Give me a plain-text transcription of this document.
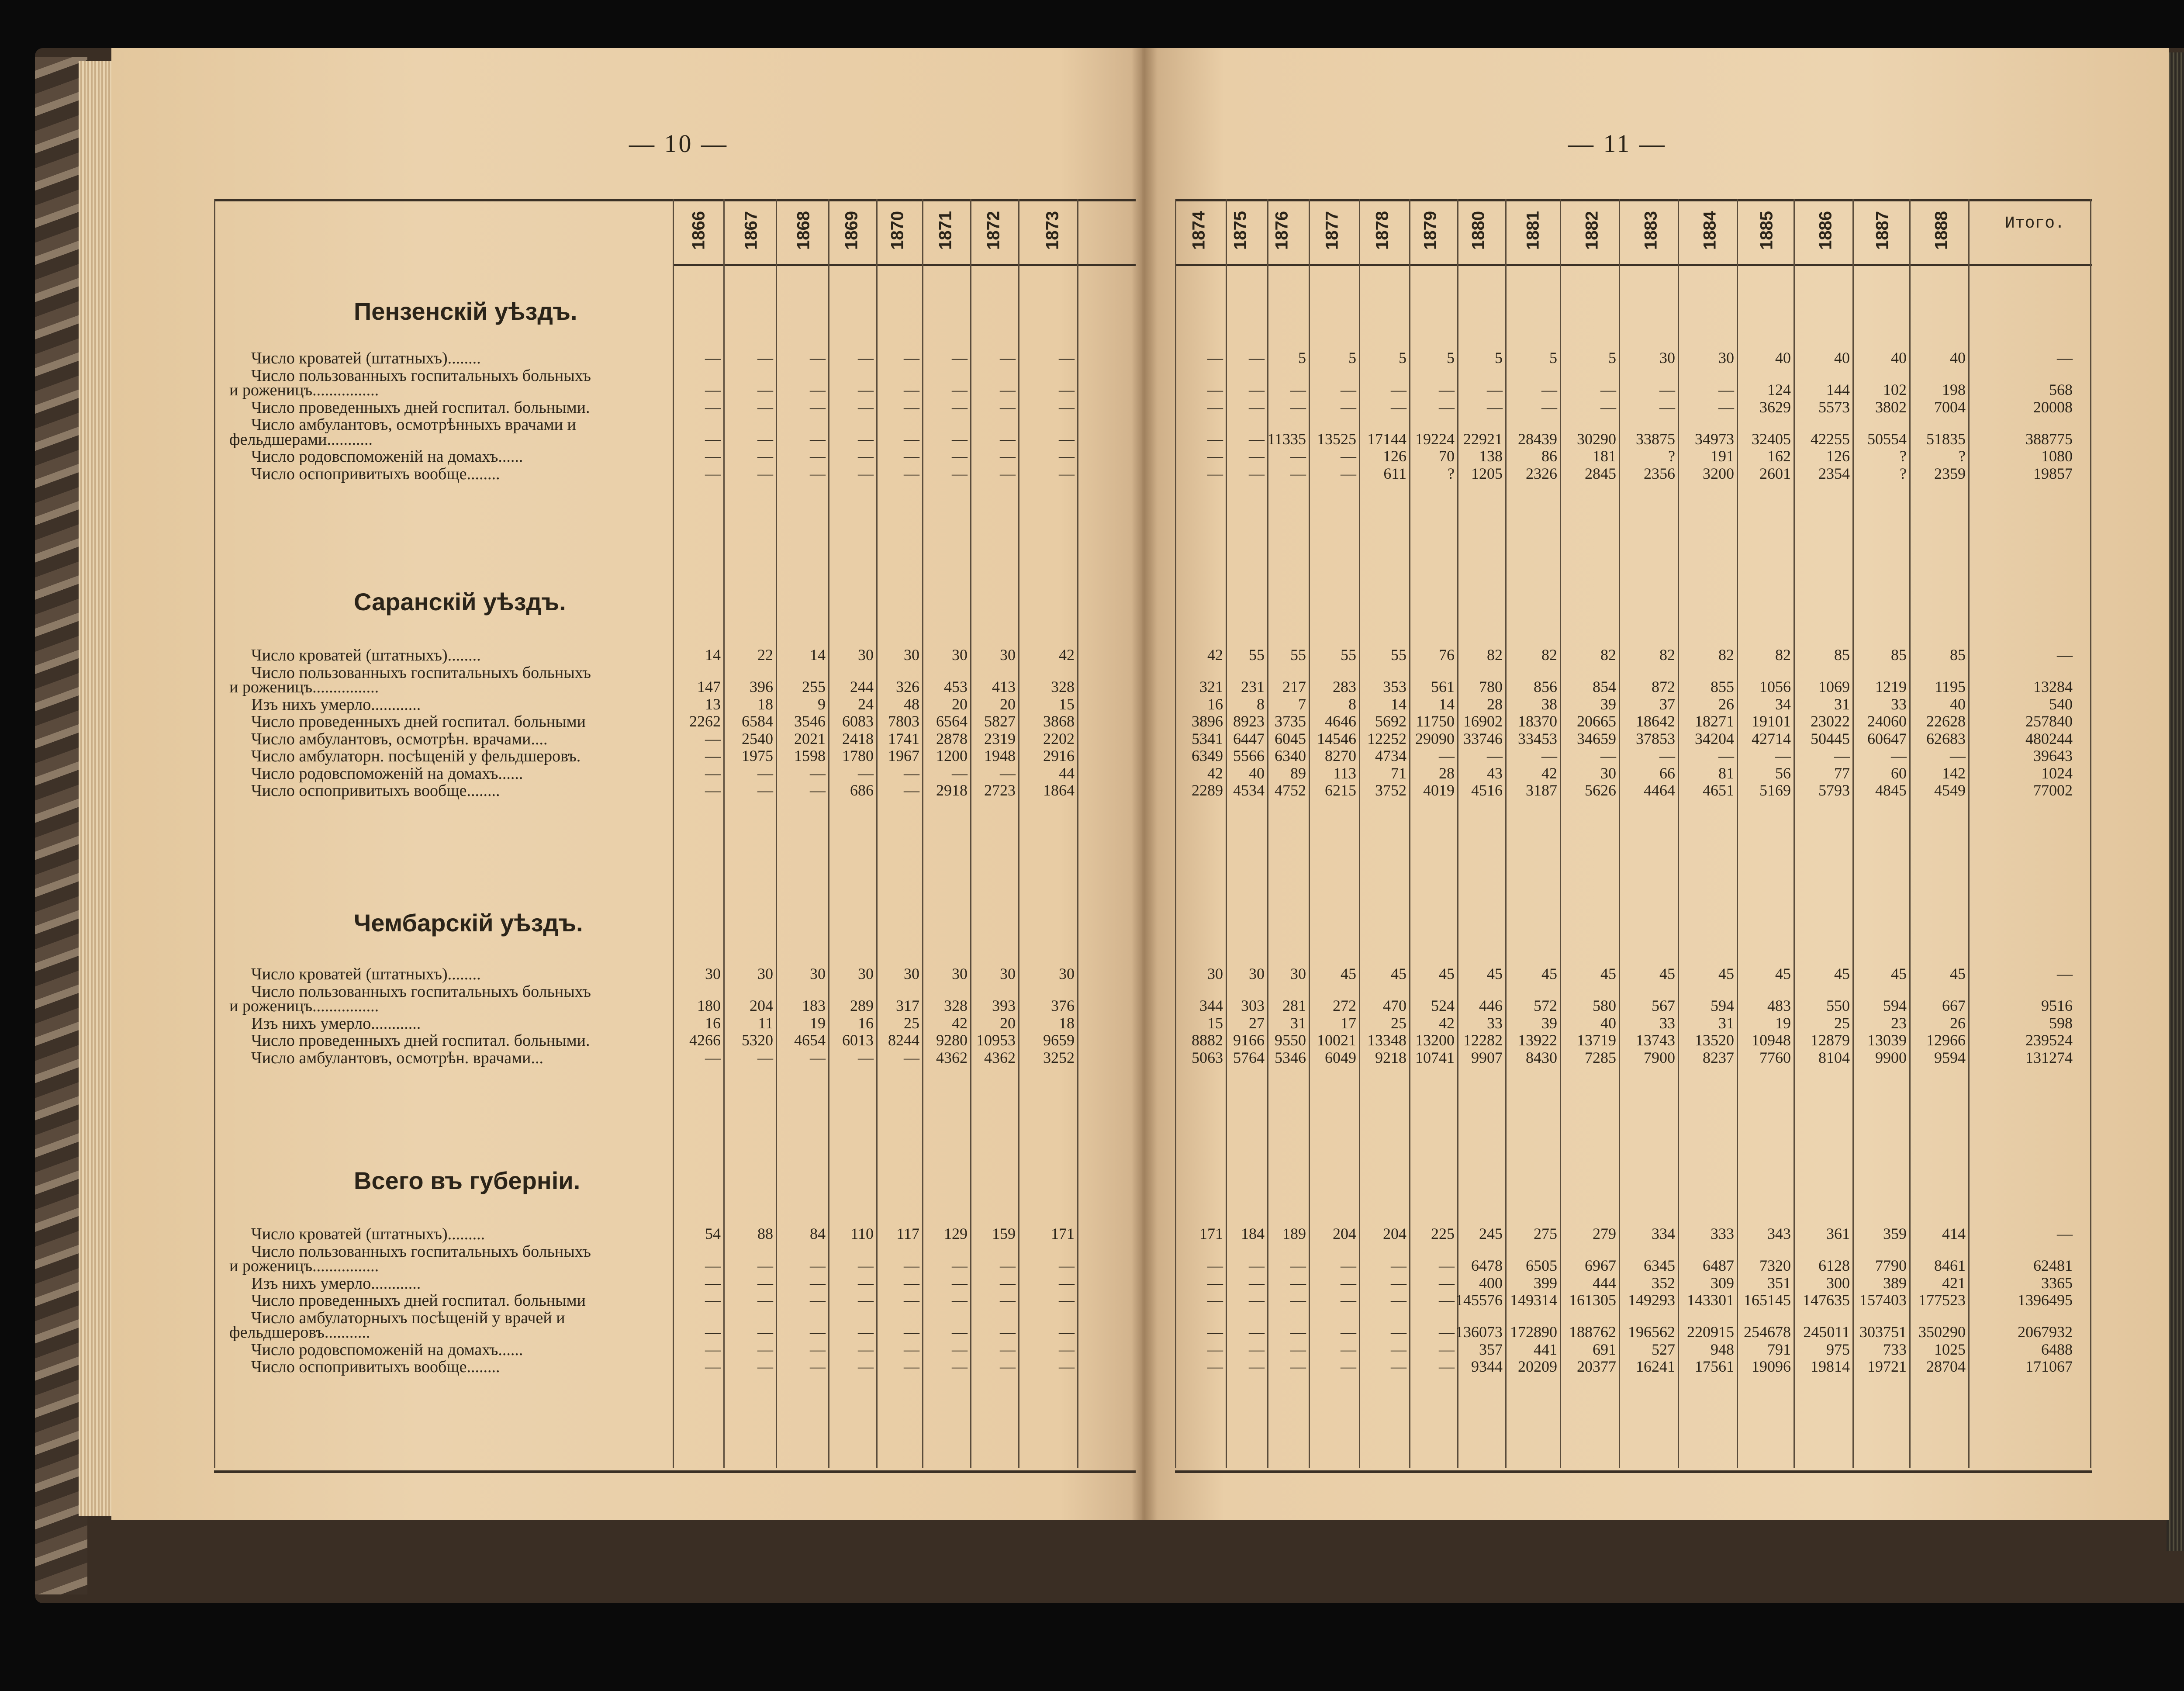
— 10 —	— 11 —
1866 1867 1868 1869 1870 1871 1872 1873	1874 1875 1876 1877 1878 1879 1880 1881 1882 1883 1884 1885 1886 1887 1888	Итого.
Пензенскiй уѣздъ.
Число кроватей (штатныхъ)........	—	—	—	—	—	—	—	—	—	—	5	5	5	5	5	5	5	30	30	40	40	40	40	—
Число пользованныхъ госпитальныхъ больныхъ
и роженицъ................	—	—	—	—	—	—	—	—	—	—	—	—	—	—	—	—	—	—	—	124	144	102	198	568
Число проведенныхъ дней госпитал. больными.	—	—	—	—	—	—	—	—	—	—	—	—	—	—	—	—	—	—	—	3629	5573	3802	7004	20008
Число амбулантовъ, осмотрѣнныхъ врачами и
фельдшерами...........	—	—	—	—	—	—	—	—	—	— 11335 13525 17144 19224 22921 28439	30290	33875	34973	32405	42255	50554	51835	388775
Число родовспоможенiй на домахъ......	—	—	—	—	—	—	—	—	—	—	—	—	126	70	138	86	181	?	191	162	126	?	?	1080
Число оспопривитыхъ вообще........	—	—	—	—	—	—	—	—	—	—	—	—	611	?	1205	2326	2845	2356	3200	2601	2354	?	2359	19857
Саранскiй уѣздъ.
Число кроватей (штатныхъ)........	14	22	14	30	30	30	30	42	42	55	55	55	55	76	82	82	82	82	82	82	85	85	85	—
Число пользованныхъ госпитальныхъ больныхъ
и роженицъ................	147	396	255	244	326	453	413	328	321	231	217	283	353	561	780	856	854	872	855	1056	1069	1219	1195	13284
Изъ нихъ умерло............	13	18	9	24	48	20	20	15	16	8	7	8	14	14	28	38	39	37	26	34	31	33	40	540
Число проведенныхъ дней госпитал. больными	2262	6584	3546	6083 7803	6564	5827	3868	3896 8923 3735	4646	5692 11750 16902 18370	20665	18642	18271	19101	23022	24060	22628	257840
Число амбулантовъ, осмотрѣн. врачами....	—	2540	2021	2418 1741	2878	2319	2202	5341 6447 6045 14546 12252 29090 33746 33453	34659	37853	34204	42714	50445	60647	62683	480244
Число амбулаторн. посѣщенiй у фельдшеровъ.	—	1975	1598	1780 1967	1200	1948	2916	6349 5566 6340	8270	4734	—	—	—	—	—	—	—	—	—	—	39643
Число родовспоможенiй на домахъ......	—	—	—	—	—	—	—	44	42	40	89	113	71	28	43	42	30	66	81	56	77	60	142	1024
Число оспопривитыхъ вообще........	—	—	—	686	—	2918	2723	1864	2289 4534 4752	6215	3752	4019	4516	3187	5626	4464	4651	5169	5793	4845	4549	77002
Чембарскiй уѣздъ.
Число кроватей (штатныхъ)........	30	30	30	30	30	30	30	30	30	30	30	45	45	45	45	45	45	45	45	45	45	45	45	—
Число пользованныхъ госпитальныхъ больныхъ
и роженицъ................	180	204	183	289	317	328	393	376	344	303	281	272	470	524	446	572	580	567	594	483	550	594	667	9516
Изъ нихъ умерло............	16	11	19	16	25	42	20	18	15	27	31	17	25	42	33	39	40	33	31	19	25	23	26	598
Число проведенныхъ дней госпитал. больными.	4266	5320	4654	6013 8244	9280 10953	9659	8882 9166 9550 10021 13348 13200 12282 13922	13719	13743	13520	10948	12879	13039	12966	239524
Число амбулантовъ, осмотрѣн. врачами...	—	—	—	—	—	4362	4362	3252	5063 5764 5346	6049	9218 10741	9907	8430	7285	7900	8237	7760	8104	9900	9594	131274
Всего въ губернiи.
Число кроватей (штатныхъ).........	54	88	84	110	117	129	159	171	171	184	189	204	204	225	245	275	279	334	333	343	361	359	414	—
Число пользованныхъ госпитальныхъ больныхъ
и роженицъ................	—	—	—	—	—	—	—	—	—	—	—	—	—	—	6478	6505	6967	6345	6487	7320	6128	7790	8461	62481
Изъ нихъ умерло............	—	—	—	—	—	—	—	—	—	—	—	—	—	—	400	399	444	352	309	351	300	389	421	3365
Число проведенныхъ дней госпитал. больными	—	—	—	—	—	—	—	—	—	—	—	—	—	— 145576 149314 161305 149293 143301 165145 147635 157403 177523	1396495
Число амбулаторныхъ посѣщенiй у врачей и
фельдшеровъ...........	—	—	—	—	—	—	—	—	—	—	—	—	—	— 136073 172890 188762 196562 220915 254678 245011 303751 350290	2067932
Число родовспоможенiй на домахъ......	—	—	—	—	—	—	—	—	—	—	—	—	—	—	357	441	691	527	948	791	975	733	1025	6488
Число оспопривитыхъ вообще........	—	—	—	—	—	—	—	—	—	—	—	—	—	—	9344 20209	20377	16241	17561	19096	19814	19721	28704	171067
